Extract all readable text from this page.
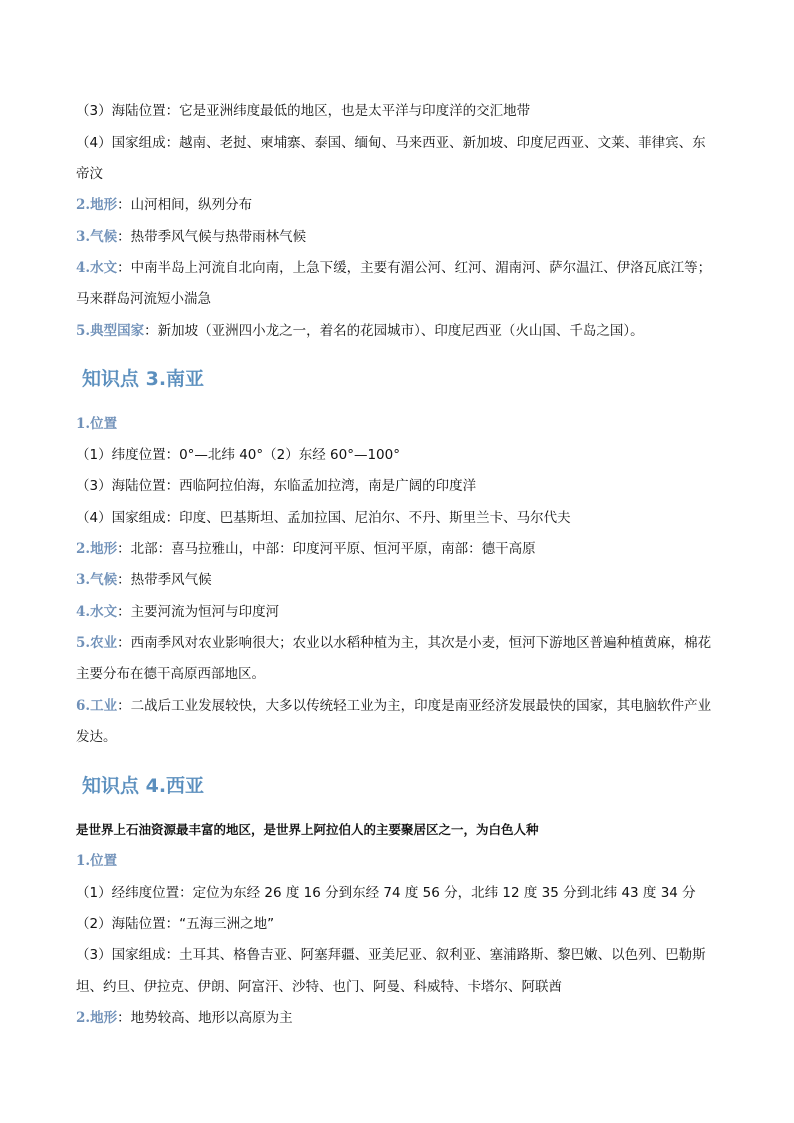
（3）海陆位置：它是亚洲纬度最低的地区，也是太平洋与印度洋的交汇地带
（4）国家组成：越南、老挝、柬埔寨、泰国、缅甸、马来西亚、新加坡、印度尼西亚、文莱、菲律宾、东
帝汶
2.地形：山河相间，纵列分布
3.气候：热带季风气候与热带雨林气候
4.水文：中南半岛上河流自北向南，上急下缓，主要有湄公河、红河、湄南河、萨尔温江、伊洛瓦底江等；
马来群岛河流短小湍急
5.典型国家：新加坡（亚洲四小龙之一，着名的花园城市）、印度尼西亚（火山国、千岛之国）。
知识点 3.南亚
1.位置
（1）纬度位置：0°—北纬 40°（2）东经 60°—100°
（3）海陆位置：西临阿拉伯海，东临孟加拉湾，南是广阔的印度洋
（4）国家组成：印度、巴基斯坦、孟加拉国、尼泊尔、不丹、斯里兰卡、马尔代夫
2.地形：北部：喜马拉雅山，中部：印度河平原、恒河平原，南部：德干高原
3.气候：热带季风气候
4.水文：主要河流为恒河与印度河
5.农业：西南季风对农业影响很大；农业以水稻种植为主，其次是小麦，恒河下游地区普遍种植黄麻，棉花
主要分布在德干高原西部地区。
6.工业：二战后工业发展较快，大多以传统轻工业为主，印度是南亚经济发展最快的国家，其电脑软件产业
发达。
知识点 4.西亚
是世界上石油资源最丰富的地区，是世界上阿拉伯人的主要聚居区之一，为白色人种
1.位置
（1）经纬度位置：定位为东经 26 度 16 分到东经 74 度 56 分，北纬 12 度 35 分到北纬 43 度 34 分
（2）海陆位置：“五海三洲之地”
（3）国家组成：土耳其、格鲁吉亚、阿塞拜疆、亚美尼亚、叙利亚、塞浦路斯、黎巴嫩、以色列、巴勒斯
坦、约旦、伊拉克、伊朗、阿富汗、沙特、也门、阿曼、科威特、卡塔尔、阿联酋
2.地形：地势较高、地形以高原为主
